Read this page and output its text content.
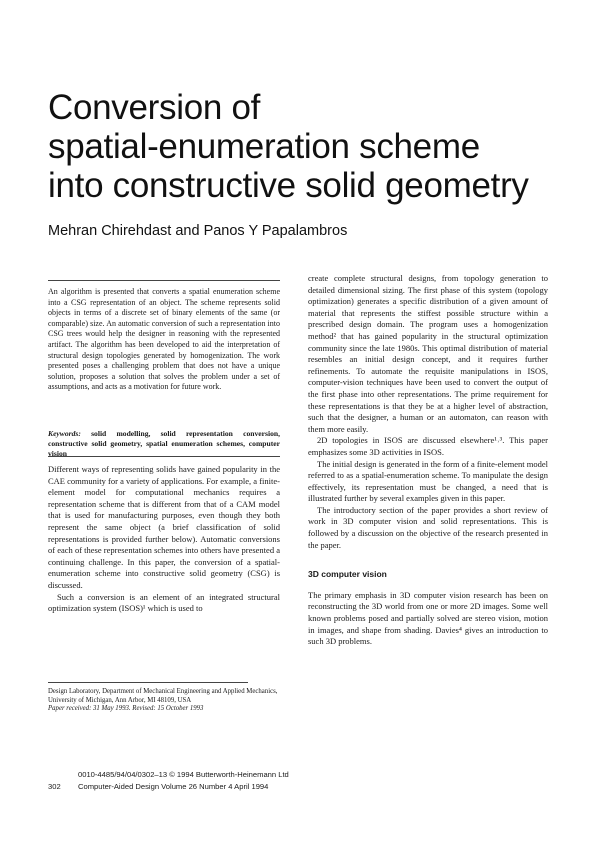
Conversion of
spatial-enumeration scheme
into constructive solid geometry
Mehran Chirehdast and Panos Y Papalambros
An algorithm is presented that converts a spatial enumeration scheme into a CSG representation of an object. The scheme represents solid objects in terms of a discrete set of binary elements of the same (or comparable) size. An automatic conversion of such a representation into CSG trees would help the designer in reasoning with the represented artifact. The algorithm has been developed to aid the interpretation of structural design topologies generated by homogenization. The work presented poses a challenging problem that does not have a unique solution, proposes a solution that solves the problem under a set of assumptions, and acts as a motivation for future work.
Keywords: solid modelling, solid representation conversion, constructive solid geometry, spatial enumeration schemes, computer vision

Different ways of representing solids have gained popularity in the CAE community for a variety of applications. For example, a finite-element model for computational mechanics requires a representation scheme that is different from that of a CAM model that is used for manufacturing purposes, even though they both represent the same object (a brief classification of solid representations is provided further below). Automatic conversions of each of these representation schemes into others have presented a continuing challenge. In this paper, the conversion of a spatial-enumeration scheme into constructive solid geometry (CSG) is discussed.

Such a conversion is an element of an integrated structural optimization system (ISOS)¹ which is used to

Design Laboratory, Department of Mechanical Engineering and Applied Mechanics, University of Michigan, Ann Arbor, MI 48109, USA
Paper received: 31 May 1993. Revised: 15 October 1993
0010-4485/94/04/0302–13 © 1994 Butterworth-Heinemann Ltd
302 Computer-Aided Design Volume 26 Number 4 April 1994

create complete structural designs, from topology generation to detailed dimensional sizing. The first phase of this system (topology optimization) generates a specific distribution of a given amount of material that represents the stiffest possible structure within a prescribed design domain. The program uses a homogenization method² that has gained popularity in the structural optimization community since the late 1980s. This optimal distribution of material resembles an initial design concept, and it requires further refinements. To automate the requisite manipulations in ISOS, computer-vision techniques have been used to convert the output of the first phase into other representations. The prime requirement for these representations is that they be at a higher level of abstraction, such that the designer, a human or an automaton, can reason with them more easily.

2D topologies in ISOS are discussed elsewhere¹˒³. This paper emphasizes some 3D activities in ISOS.

The initial design is generated in the form of a finite-element model referred to as a spatial-enumeration scheme. To manipulate the design effectively, its representation must be changed, a need that is illustrated further by several examples given in this paper.

The introductory section of the paper provides a short review of work in 3D computer vision and solid representations. This is followed by a discussion on the objective of the research presented in the paper.

3D computer vision

The primary emphasis in 3D computer vision research has been on reconstructing the 3D world from one or more 2D images. Some well known problems posed and partially solved are stereo vision, motion in images, and shape from shading. Davies⁴ gives an introduction to such 3D problems.
